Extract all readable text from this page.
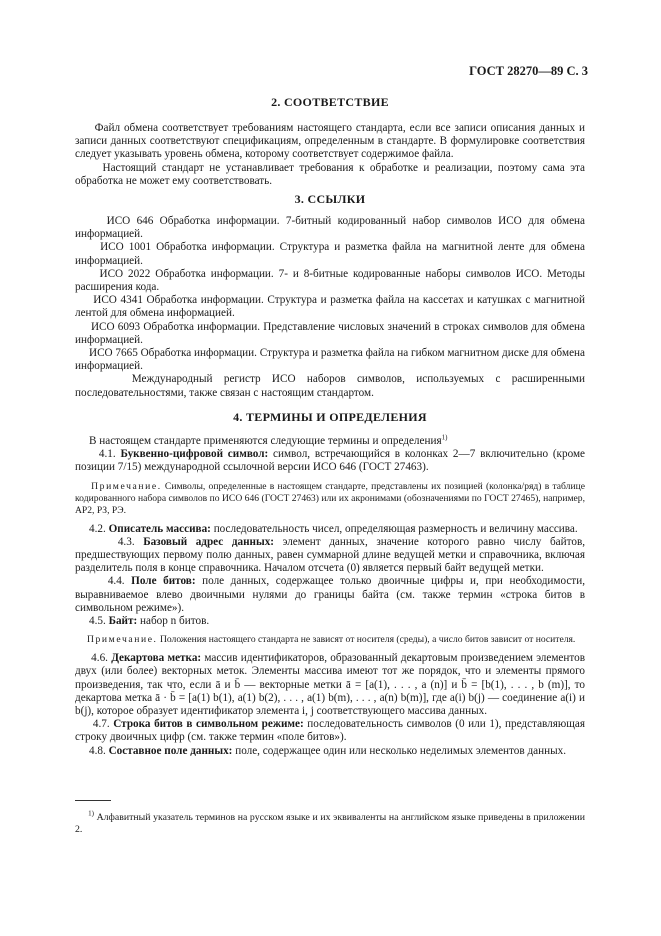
ГОСТ 28270—89 С. 3
2. СООТВЕТСТВИЕ

Файл обмена соответствует требованиям настоящего стандарта, если все записи описания данных и записи данных соответствуют спецификациям, определенным в стандарте. В формулировке соответствия следует указывать уровень обмена, которому соответствует содержимое файла.

Настоящий стандарт не устанавливает требования к обработке и реализации, поэтому сама эта обработка не может ему соответствовать.

3. ССЫЛКИ

ИСО 646 Обработка информации. 7-битный кодированный набор символов ИСО для обмена информацией.

ИСО 1001 Обработка информации. Структура и разметка файла на магнитной ленте для обмена информацией.

ИСО 2022 Обработка информации. 7- и 8-битные кодированные наборы символов ИСО. Методы расширения кода.

ИСО 4341 Обработка информации. Структура и разметка файла на кассетах и катушках с магнитной лентой для обмена информацией.

ИСО 6093 Обработка информации. Представление числовых значений в строках символов для обмена информацией.

ИСО 7665 Обработка информации. Структура и разметка файла на гибком магнитном диске для обмена информацией.

Международный регистр ИСО наборов символов, используемых с расширенными последовательностями, также связан с настоящим стандартом.

4. ТЕРМИНЫ И ОПРЕДЕЛЕНИЯ

В настоящем стандарте применяются следующие термины и определения$^{1)}$

4.1. Буквенно-цифровой символ: символ, встречающийся в колонках 2—7 включительно (кроме позиции 7/15) международной ссылочной версии ИСО 646 (ГОСТ 27463).

Примечание. Символы, определенные в настоящем стандарте, представлены их позицией (колонка/ряд) в таблице кодированного набора символов по ИСО 646 (ГОСТ 27463) или их акронимами (обозначениями по ГОСТ 27465), например, АР2, РЗ, РЭ.

4.2. Описатель массива: последовательность чисел, определяющая размерность и величину массива.

4.3. Базовый адрес данных: элемент данных, значение которого равно числу байтов, предшествующих первому полю данных, равен суммарной длине ведущей метки и справочника, включая разделитель поля в конце справочника. Началом отсчета (0) является первый байт ведущей метки.

4.4. Поле битов: поле данных, содержащее только двоичные цифры и, при необходимости, выравниваемое влево двоичными нулями до границы байта (см. также термин «строка битов в символьном режиме»).

4.5. Байт: набор n битов.

Примечание. Положения настоящего стандарта не зависят от носителя (среды), а число битов зависит от носителя.

4.6. Декартова метка: массив идентификаторов, образованный декартовым произведением элементов двух (или более) векторных меток. Элементы массива имеют тот же порядок, что и элементы прямого произведения, так что, если ā и b̄ — векторные метки ā = [a(1), . . . , a (n)] и b̄ = [b(1), . . . , b (m)], то декартова метка ā · b̄ = [a(1) b(1), a(1) b(2), . . . , a(1) b(m), . . . , a(n) b(m)], где a(i) b(j) — соединение a(i) и b(j), которое образует идентификатор элемента i, j соответствующего массива данных.

4.7. Строка битов в символьном режиме: последовательность символов (0 или 1), представляющая строку двоичных цифр (см. также термин «поле битов»).

4.8. Составное поле данных: поле, содержащее один или несколько неделимых элементов данных.

$^{1)}$ Алфавитный указатель терминов на русском языке и их эквиваленты на английском языке приведены в приложении 2.
